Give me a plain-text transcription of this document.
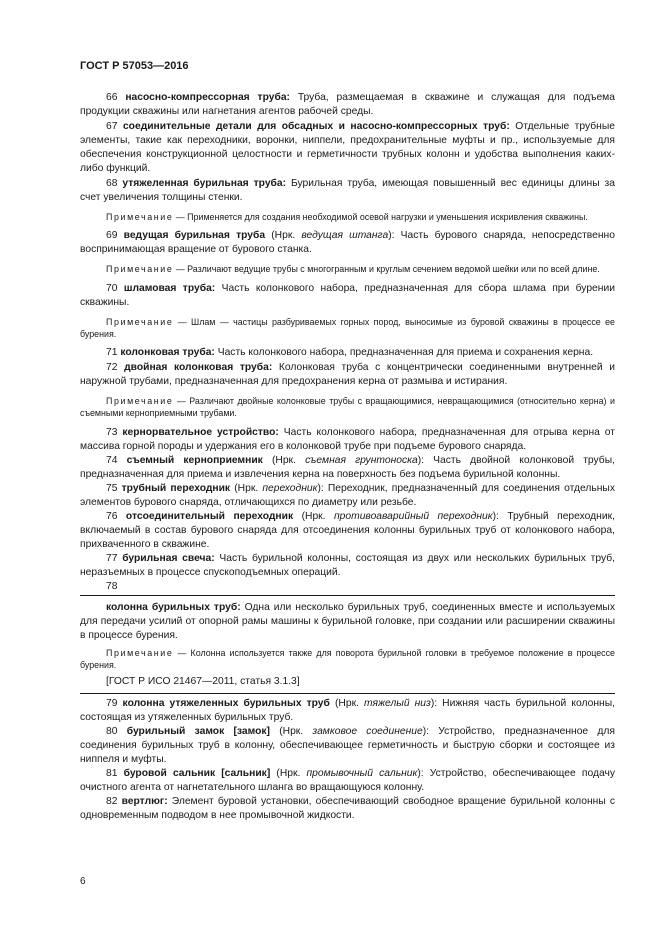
ГОСТ Р 57053—2016

66 насосно-компрессорная труба: Труба, размещаемая в скважине и служащая для подъема продукции скважины или нагнетания агентов рабочей среды.

67 соединительные детали для обсадных и насосно-компрессорных труб: Отдельные трубные элементы, такие как переходники, воронки, ниппели, предохранительные муфты и пр., используемые для обеспечения конструкционной целостности и герметичности трубных колонн и удобства выполнения каких-либо функций.

68 утяжеленная бурильная труба: Бурильная труба, имеющая повышенный вес единицы длины за счет увеличения толщины стенки.

Примечание — Применяется для создания необходимой осевой нагрузки и уменьшения искривления скважины.

69 ведущая бурильная труба (Нрк. ведущая штанга): Часть бурового снаряда, непосредственно воспринимающая вращение от бурового станка.

Примечание — Различают ведущие трубы с многогранным и круглым сечением ведомой шейки или по всей длине.

70 шламовая труба: Часть колонкового набора, предназначенная для сбора шлама при бурении скважины.

Примечание — Шлам — частицы разбуриваемых горных пород, выносимые из буровой скважины в процессе ее бурения.

71 колонковая труба: Часть колонкового набора, предназначенная для приема и сохранения керна.

72 двойная колонковая труба: Колонковая труба с концентрически соединенными внутренней и наружной трубами, предназначенная для предохранения керна от размыва и истирания.

Примечание — Различают двойные колонковые трубы с вращающимися, невращающимися (относительно керна) и съемными кернoприемными трубами.

73 кернорвательное устройство: Часть колонкового набора, предназначенная для отрыва керна от массива горной породы и удержания его в колонковой трубе при подъеме бурового снаряда.

74 съемный керноприемник (Нрк. съемная грунтоноска): Часть двойной колонковой трубы, предназначенная для приема и извлечения керна на поверхность без подъема бурильной колонны.

75 трубный переходник (Нрк. переходник): Переходник, предназначенный для соединения отдельных элементов бурового снаряда, отличающихся по диаметру или резьбе.

76 отсоединительный переходник (Нрк. противоаварийный переходник): Трубный переходник, включаемый в состав бурового снаряда для отсоединения колонны бурильных труб от колонкового набора, прихваченного в скважине.

77 бурильная свеча: Часть бурильной колонны, состоящая из двух или нескольких бурильных труб, неразъемных в процессе спускоподъемных операций.

78

колонна бурильных труб: Одна или несколько бурильных труб, соединенных вместе и используемых для передачи усилий от опорной рамы машины к бурильной головке, при создании или расширении скважины в процессе бурения.

Примечание — Колонна используется также для поворота бурильной головки в требуемое положение в процессе бурения.

[ГОСТ Р ИСО 21467—2011, статья 3.1.3]

79 колонна утяжеленных бурильных труб (Нрк. тяжелый низ): Нижняя часть бурильной колонны, состоящая из утяжеленных бурильных труб.

80 бурильный замок [замок] (Нрк. замковое соединение): Устройство, предназначенное для соединения бурильных труб в колонну, обеспечивающее герметичность и быструю сборки и состоящее из ниппеля и муфты.

81 буровой сальник [сальник] (Нрк. промывочный сальник): Устройство, обеспечивающее подачу очистного агента от нагнетательного шланга во вращающуюся колонну.

82 вертлюг: Элемент буровой установки, обеспечивающий свободное вращение бурильной колонны с одновременным подводом в нее промывочной жидкости.

6
